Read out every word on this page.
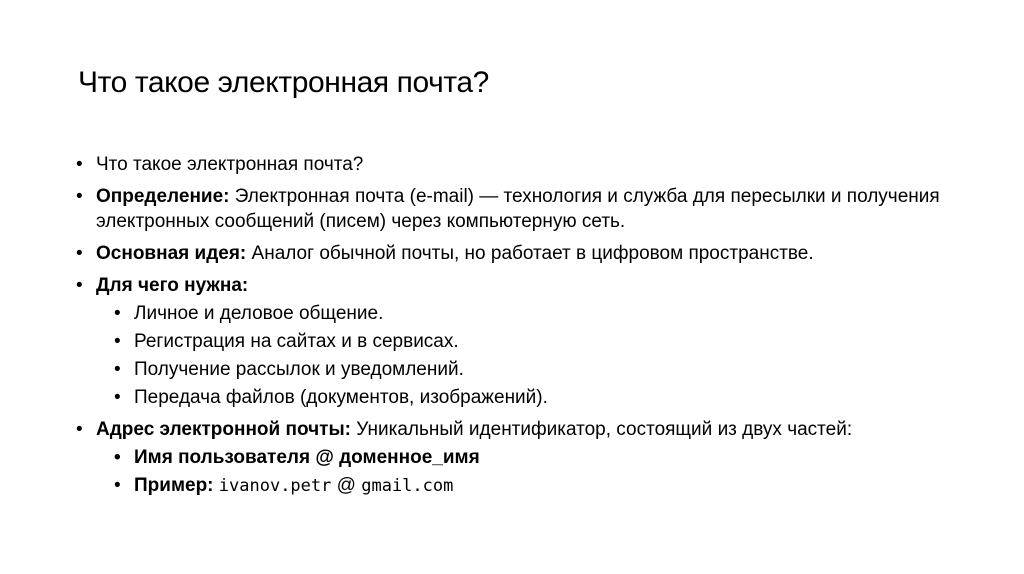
Что такое электронная почта?
• Что такое электронная почта?
• Определение: Электронная почта (e-mail) — технология и служба для пересылки и получения электронных сообщений (писем) через компьютерную сеть.
• Основная идея: Аналог обычной почты, но работает в цифровом пространстве.
• Для чего нужна:
• Личное и деловое общение.
• Регистрация на сайтах и в сервисах.
• Получение рассылок и уведомлений.
• Передача файлов (документов, изображений).
• Адрес электронной почты: Уникальный идентификатор, состоящий из двух частей:
• Имя пользователя @ доменное_имя
• Пример: ivanov.petr @ gmail.com
